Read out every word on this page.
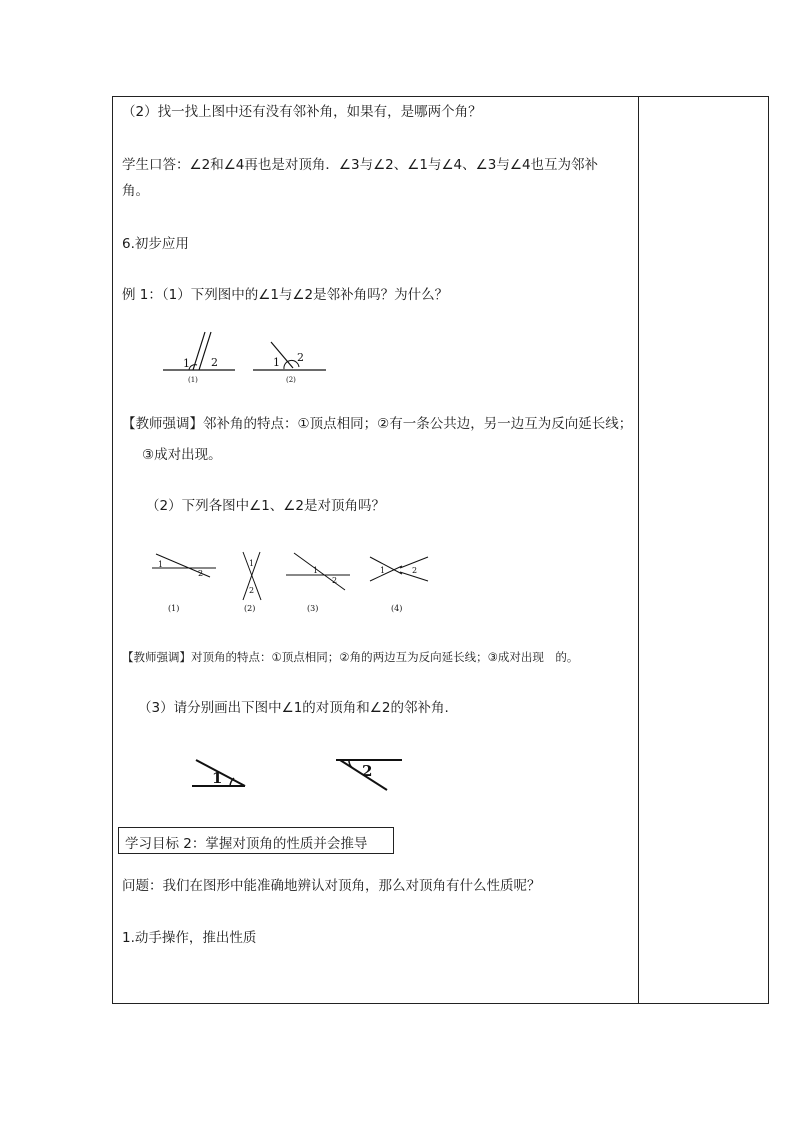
（2）找一找上图中还有没有邻补角，如果有，是哪两个角？
学生口答：∠2和∠4再也是对顶角．∠3与∠2、∠1与∠4、∠3与∠4也互为邻补
角。
6.初步应用
例 1：（1）下列图中的∠1与∠2是邻补角吗？为什么？
1 2
(1)
1 2
(2)
【教师强调】邻补角的特点：①顶点相同；②有一条公共边，另一边互为反向延长线；
③成对出现。
（2）下列各图中∠1、∠2是对顶角吗？
1
2
(1)
1
2
(2)
1
2
(3)
1	2
(4)
【教师强调】对顶角的特点：①顶点相同；②角的两边互为反向延长线；③成对出现　的。
（3）请分别画出下图中∠1的对顶角和∠2的邻补角.
1	2
学习目标 2：掌握对顶角的性质并会推导
问题：我们在图形中能准确地辨认对顶角，那么对顶角有什么性质呢？
1.动手操作，推出性质
